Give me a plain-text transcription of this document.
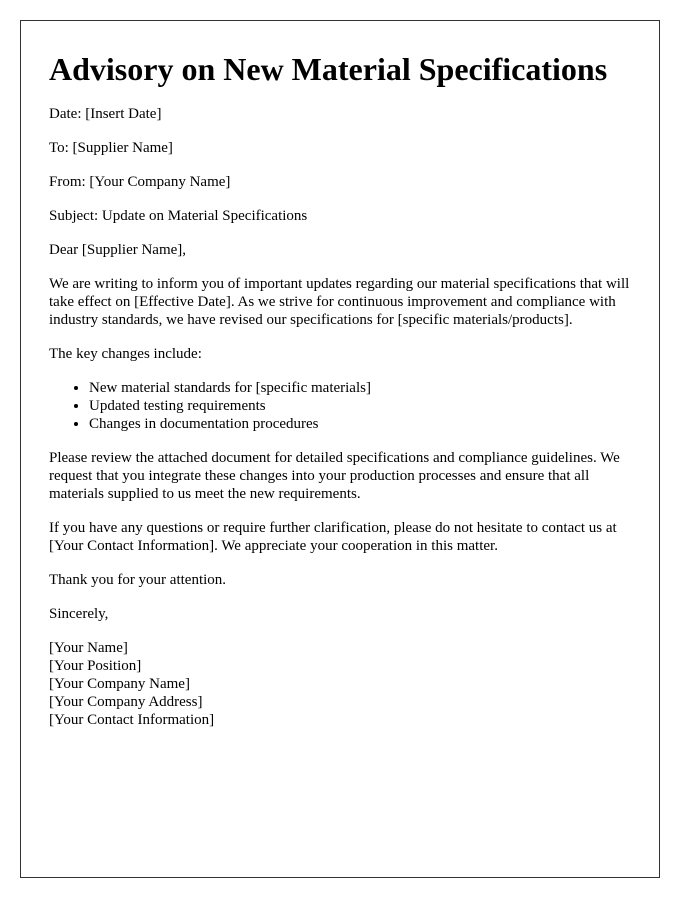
Advisory on New Material Specifications

Date: [Insert Date]

To: [Supplier Name]

From: [Your Company Name]

Subject: Update on Material Specifications

Dear [Supplier Name],

We are writing to inform you of important updates regarding our material specifications that will take effect on [Effective Date]. As we strive for continuous improvement and compliance with industry standards, we have revised our specifications for [specific materials/products].

The key changes include:

• New material standards for [specific materials]
• Updated testing requirements
• Changes in documentation procedures

Please review the attached document for detailed specifications and compliance guidelines. We request that you integrate these changes into your production processes and ensure that all materials supplied to us meet the new requirements.

If you have any questions or require further clarification, please do not hesitate to contact us at [Your Contact Information]. We appreciate your cooperation in this matter.

Thank you for your attention.

Sincerely,

[Your Name]
[Your Position]
[Your Company Name]
[Your Company Address]
[Your Contact Information]
